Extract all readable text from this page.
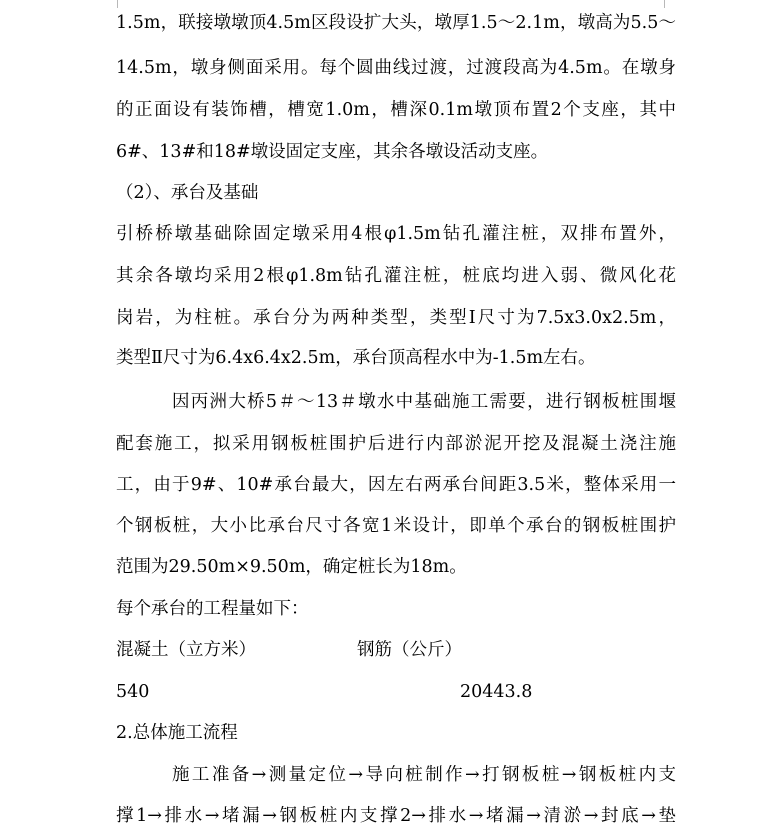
1.5m，联接墩墩顶4.5m区段设扩大头，墩厚1.5～2.1m，墩高为5.5～
14.5m，墩身侧面采用。每个圆曲线过渡，过渡段高为4.5m。在墩身
的正面设有装饰槽，槽宽1.0m，槽深0.1m墩顶布置2个支座，其中
6#、13#和18#墩设固定支座，其余各墩设活动支座。
（2）、承台及基础
引桥桥墩基础除固定墩采用4根φ1.5m钻孔灌注桩，双排布置外，
其余各墩均采用2根φ1.8m钻孔灌注桩，桩底均进入弱、微风化花
岗岩，为柱桩。承台分为两种类型，类型Ⅰ尺寸为7.5x3.0x2.5m，
类型Ⅱ尺寸为6.4x6.4x2.5m，承台顶高程水中为-1.5m左右。
因丙洲大桥5＃～13＃墩水中基础施工需要，进行钢板桩围堰
配套施工，拟采用钢板桩围护后进行内部淤泥开挖及混凝土浇注施
工，由于9#、10#承台最大，因左右两承台间距3.5米，整体采用一
个钢板桩，大小比承台尺寸各宽1米设计，即单个承台的钢板桩围护
范围为29.50m×9.50m，确定桩长为18m。
每个承台的工程量如下：
混凝土（立方米）	钢筋（公斤）
540	20443.8
2.总体施工流程
施工准备→测量定位→导向桩制作→打钢板桩→钢板桩内支
撑1→排水→堵漏→钢板桩内支撑2→排水→堵漏→清淤→封底→垫
